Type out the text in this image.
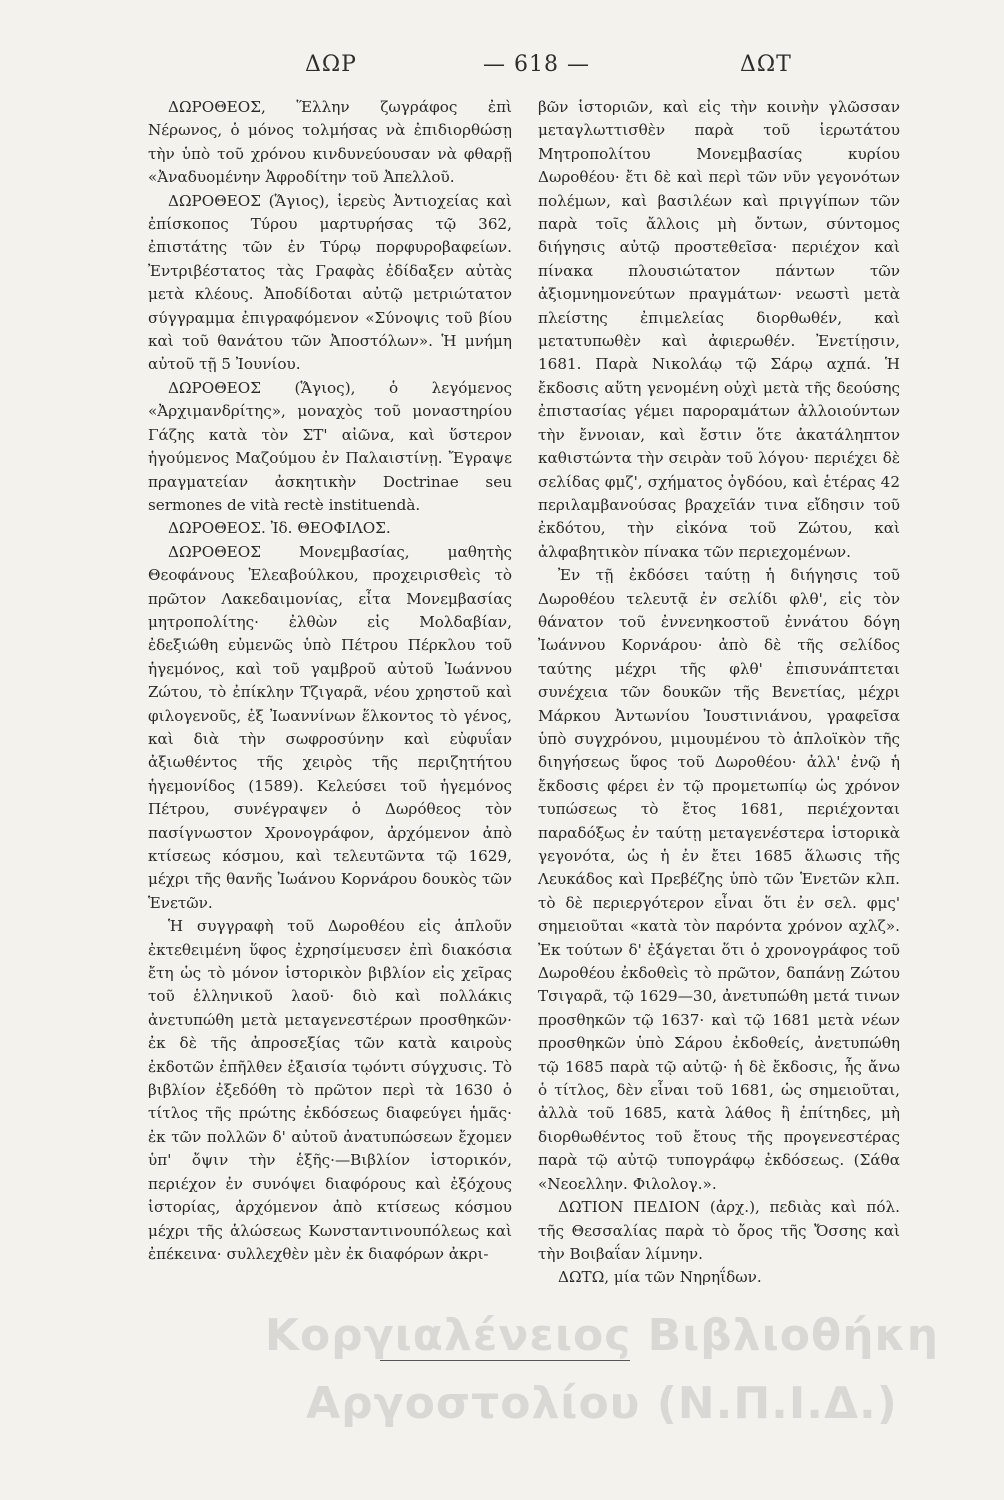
ΔΩΡ	— 618 —	ΔΩΤ

ΔΩΡΟΘΕΟΣ, Ἕλλην ζωγράφος ἐπὶ Νέρωνος, ὁ μόνος τολμήσας νὰ ἐπιδιορθώσῃ τὴν ὑπὸ τοῦ χρόνου κινδυνεύουσαν νὰ φθαρῇ «Ἀναδυομένην Ἀφροδίτην τοῦ Ἀπελλοῦ.

ΔΩΡΟΘΕΟΣ (Ἅγιος), ἱερεὺς Ἀντιοχείας καὶ ἐπίσκοπος Τύρου μαρτυρήσας τῷ 362, ἐπιστάτης τῶν ἐν Τύρῳ πορφυροβαφείων. Ἐντριβέστατος τὰς Γραφὰς ἐδίδαξεν αὐτὰς μετὰ κλέους. Ἀποδίδοται αὐτῷ μετριώτατον σύγγραμμα ἐπιγραφόμενον «Σύνοψις τοῦ βίου καὶ τοῦ θανάτου τῶν Ἀποστόλων». Ἡ μνήμη αὐτοῦ τῇ 5 Ἰουνίου.

ΔΩΡΟΘΕΟΣ (Ἅγιος), ὁ λεγόμενος «Ἀρχιμανδρίτης», μοναχὸς τοῦ μοναστηρίου Γάζης κατὰ τὸν ΣΤ' αἰῶνα, καὶ ὕστερον ἡγούμενος Μαζούμου ἐν Παλαιστίνῃ. Ἔγραψε πραγματείαν ἀσκητικὴν Doctrinae seu sermones de vità rectè instituendà.

ΔΩΡΟΘΕΟΣ. Ἰδ. ΘΕΟΦΙΛΟΣ.

ΔΩΡΟΘΕΟΣ Μονεμβασίας, μαθητὴς Θεοφάνους Ἐλεαβούλκου, προχειρισθεὶς τὸ πρῶτον Λακεδαιμονίας, εἶτα Μονεμβασίας μητροπολίτης· ἐλθὼν εἰς Μολδαβίαν, ἐδεξιώθη εὐμενῶς ὑπὸ Πέτρου Πέρκλου τοῦ ἡγεμόνος, καὶ τοῦ γαμβροῦ αὐτοῦ Ἰωάννου Ζώτου, τὸ ἐπίκλην Τζιγαρᾶ, νέου χρηστοῦ καὶ φιλογενοῦς, ἐξ Ἰωαννίνων ἕλκοντος τὸ γένος, καὶ διὰ τὴν σωφροσύνην καὶ εὐφυΐαν ἀξιωθέντος τῆς χειρὸς τῆς περιζητήτου ἡγεμονίδος (1589). Κελεύσει τοῦ ἡγεμόνος Πέτρου, συνέγραψεν ὁ Δωρόθεος τὸν πασίγνωστον Χρονογράφον, ἀρχόμενον ἀπὸ κτίσεως κόσμου, καὶ τελευτῶντα τῷ 1629, μέχρι τῆς θανῆς Ἰωάνου Κορνάρου δουκὸς τῶν Ἑνετῶν.

Ἡ συγγραφὴ τοῦ Δωροθέου εἰς ἁπλοῦν ἐκτεθειμένη ὕφος ἐχρησίμευσεν ἐπὶ διακόσια ἔτη ὡς τὸ μόνον ἱστορικὸν βιβλίον εἰς χεῖρας τοῦ ἑλληνικοῦ λαοῦ· διὸ καὶ πολλάκις ἀνετυπώθη μετὰ μεταγενεστέρων προσθηκῶν· ἐκ δὲ τῆς ἀπροσεξίας τῶν κατὰ καιροὺς ἐκδοτῶν ἐπῆλθεν ἐξαισία τῳόντι σύγχυσις. Τὸ βιβλίον ἐξεδόθη τὸ πρῶτον περὶ τὰ 1630 ὁ τίτλος τῆς πρώτης ἐκδόσεως διαφεύγει ἡμᾶς· ἐκ τῶν πολλῶν δ' αὐτοῦ ἀνατυπώσεων ἔχομεν ὑπ' ὄψιν τὴν ἑξῆς·—Βιβλίον ἱστορικόν, περιέχον ἐν συνόψει διαφόρους καὶ ἐξόχους ἱστορίας, ἀρχόμενον ἀπὸ κτίσεως κόσμου μέχρι τῆς ἁλώσεως Κωνσταντινουπόλεως καὶ ἐπέκεινα· συλλεχθὲν μὲν ἐκ διαφόρων ἀκρι-

βῶν ἱστοριῶν, καὶ εἰς τὴν κοινὴν γλῶσσαν μεταγλωττισθὲν παρὰ τοῦ ἱερωτάτου Μητροπολίτου Μονεμβασίας κυρίου Δωροθέου· ἔτι δὲ καὶ περὶ τῶν νῦν γεγονότων πολέμων, καὶ βασιλέων καὶ πριγγίπων τῶν παρὰ τοῖς ἄλλοις μὴ ὄντων, σύντομος διήγησις αὐτῷ προστεθεῖσα· περιέχον καὶ πίνακα πλουσιώτατον πάντων τῶν ἀξιομνημονεύτων πραγμάτων· νεωστὶ μετὰ πλείστης ἐπιμελείας διορθωθέν, καὶ μετατυπωθὲν καὶ ἀφιερωθέν. Ἐνετίῃσιν, 1681. Παρὰ Νικολάῳ τῷ Σάρῳ αχπά. Ἡ ἔκδοσις αὕτη γενομένη οὐχὶ μετὰ τῆς δεούσης ἐπιστασίας γέμει παροραμάτων ἀλλοιούντων τὴν ἔννοιαν, καὶ ἔστιν ὅτε ἀκατάληπτον καθιστώντα τὴν σειρὰν τοῦ λόγου· περιέχει δὲ σελίδας φμζ', σχήματος ὀγδόου, καὶ ἑτέρας 42 περιλαμβανούσας βραχεῖάν τινα εἴδησιν τοῦ ἐκδότου, τὴν εἰκόνα τοῦ Ζώτου, καὶ ἀλφαβητικὸν πίνακα τῶν περιεχομένων.

Ἐν τῇ ἐκδόσει ταύτῃ ἡ διήγησις τοῦ Δωροθέου τελευτᾷ ἐν σελίδι φλθ', εἰς τὸν θάνατον τοῦ ἐννενηκοστοῦ ἐννάτου δόγη Ἰωάννου Κορνάρου· ἀπὸ δὲ τῆς σελίδος ταύτης μέχρι τῆς φλθ' ἐπισυνάπτεται συνέχεια τῶν δουκῶν τῆς Βενετίας, μέχρι Μάρκου Ἀντωνίου Ἰουστινιάνου, γραφεῖσα ὑπὸ συγχρόνου, μιμουμένου τὸ ἁπλοϊκὸν τῆς διηγήσεως ὕφος τοῦ Δωροθέου· ἀλλ' ἐνῷ ἡ ἔκδοσις φέρει ἐν τῷ προμετωπίῳ ὡς χρόνον τυπώσεως τὸ ἔτος 1681, περιέχονται παραδόξως ἐν ταύτῃ μεταγενέστερα ἱστορικὰ γεγονότα, ὡς ἡ ἐν ἔτει 1685 ἅλωσις τῆς Λευκάδος καὶ Πρεβέζης ὑπὸ τῶν Ἑνετῶν κλπ. τὸ δὲ περιεργότερον εἶναι ὅτι ἐν σελ. φμς' σημειοῦται «κατὰ τὸν παρόντα χρόνον αχλζ». Ἐκ τούτων δ' ἐξάγεται ὅτι ὁ χρονογράφος τοῦ Δωροθέου ἐκδοθεὶς τὸ πρῶτον, δαπάνῃ Ζώτου Τσιγαρᾶ, τῷ 1629—30, ἀνετυπώθη μετά τινων προσθηκῶν τῷ 1637· καὶ τῷ 1681 μετὰ νέων προσθηκῶν ὑπὸ Σάρου ἐκδοθείς, ἀνετυπώθη τῷ 1685 παρὰ τῷ αὐτῷ· ἡ δὲ ἔκδοσις, ἧς ἄνω ὁ τίτλος, δὲν εἶναι τοῦ 1681, ὡς σημειοῦται, ἀλλὰ τοῦ 1685, κατὰ λάθος ἢ ἐπίτηδες, μὴ διορθωθέντος τοῦ ἔτους τῆς προγενεστέρας παρὰ τῷ αὐτῷ τυπογράφῳ ἐκδόσεως. (Σάθα «Νεοελλην. Φιλολογ.».

ΔΩΤΙΟΝ ΠΕΔΙΟΝ (ἀρχ.), πεδιὰς καὶ πόλ. τῆς Θεσσαλίας παρὰ τὸ ὄρος τῆς Ὄσσης καὶ τὴν Βοιβαΐαν λίμνην.

ΔΩΤΩ, μία τῶν Νηρηΐδων.

Κοργιαλένειος Βιβλιοθήκη
Αργοστολίου (Ν.Π.Ι.Δ.)
